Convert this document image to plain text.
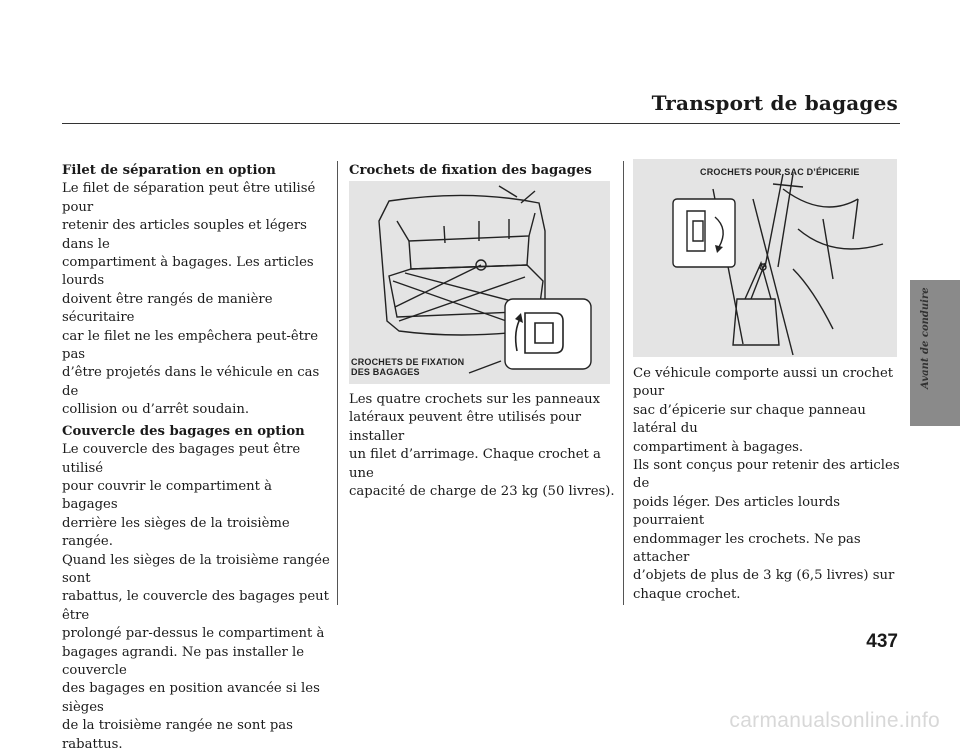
Transport de bagages
Avant de conduire
Filet de séparation en option

Le filet de séparation peut être utilisé pour

retenir des articles souples et légers dans le

compartiment à bagages. Les articles lourds

doivent être rangés de manière sécuritaire

car le filet ne les empêchera peut-être pas

d’être projetés dans le véhicule en cas de

collision ou d’arrêt soudain.

Couvercle des bagages en option

Le couvercle des bagages peut être utilisé

pour couvrir le compartiment à bagages

derrière les sièges de la troisième rangée.

Quand les sièges de la troisième rangée sont

rabattus, le couvercle des bagages peut être

prolongé par-dessus le compartiment à

bagages agrandi. Ne pas installer le couvercle

des bagages en position avancée si les sièges

de la troisième rangée ne sont pas rabattus.

Crochets de fixation des bagages
CROCHETS DE FIXATION
DES BAGAGES

Les quatre crochets sur les panneaux

latéraux peuvent être utilisés pour installer

un filet d’arrimage. Chaque crochet a une

capacité de charge de 23 kg (50 livres).

CROCHETS POUR SAC D’ÉPICERIE

Ce véhicule comporte aussi un crochet pour

sac d’épicerie sur chaque panneau latéral du

compartiment à bagages.

Ils sont conçus pour retenir des articles de

poids léger. Des articles lourds pourraient

endommager les crochets. Ne pas attacher

d’objets de plus de 3 kg (6,5 livres) sur

chaque crochet.

437
carmanualsonline.info
